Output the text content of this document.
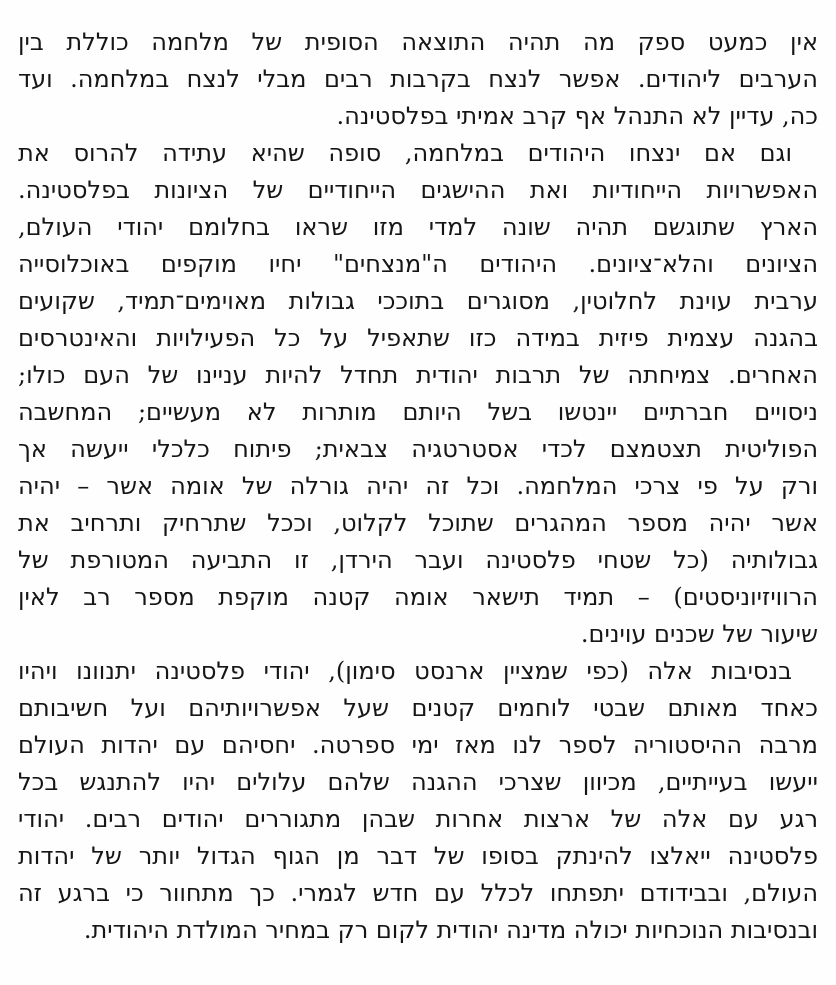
אין כמעט ספק מה תהיה התוצאה הסופית של מלחמה כוללת בין
הערבים ליהודים. אפשר לנצח בקרבות רבים מבלי לנצח במלחמה. ועד
כה, עדיין לא התנהל אף קרב אמיתי בפלסטינה.
וגם אם ינצחו היהודים במלחמה, סופה שהיא עתידה להרוס את
האפשרויות הייחודיות ואת ההישגים הייחודיים של הציונות בפלסטינה.
הארץ שתוגשם תהיה שונה למדי מזו שראו בחלומם יהודי העולם,
הציונים והלא־ציונים. היהודים ה"מנצחים" יחיו מוקפים באוכלוסייה
ערבית עוינת לחלוטין, מסוגרים בתוככי גבולות מאוימים־תמיד, שקועים
בהגנה עצמית פיזית במידה כזו שתאפיל על כל הפעילויות והאינטרסים
האחרים. צמיחתה של תרבות יהודית תחדל להיות עניינו של העם כולו;
ניסויים חברתיים יינטשו בשל היותם מותרות לא מעשיים; המחשבה
הפוליטית תצטמצם לכדי אסטרטגיה צבאית; פיתוח כלכלי ייעשה אך
ורק על פי צרכי המלחמה. וכל זה יהיה גורלה של אומה אשר – יהיה
אשר יהיה מספר המהגרים שתוכל לקלוט, וככל שתרחיק ותרחיב את
גבולותיה (כל שטחי פלסטינה ועבר הירדן, זו התביעה המטורפת של
הרוויזיוניסטים) – תמיד תישאר אומה קטנה מוקפת מספר רב לאין
שיעור של שכנים עוינים.
בנסיבות אלה (כפי שמציין ארנסט סימון), יהודי פלסטינה יתנוונו ויהיו
כאחד מאותם שבטי לוחמים קטנים שעל אפשרויותיהם ועל חשיבותם
מרבה ההיסטוריה לספר לנו מאז ימי ספרטה. יחסיהם עם יהדות העולם
ייעשו בעייתיים, מכיוון שצרכי ההגנה שלהם עלולים יהיו להתנגש בכל
רגע עם אלה של ארצות אחרות שבהן מתגוררים יהודים רבים. יהודי
פלסטינה ייאלצו להינתק בסופו של דבר מן הגוף הגדול יותר של יהדות
העולם, ובבידודם יתפתחו לכלל עם חדש לגמרי. כך מתחוור כי ברגע זה
ובנסיבות הנוכחיות יכולה מדינה יהודית לקום רק במחיר המולדת היהודית.
